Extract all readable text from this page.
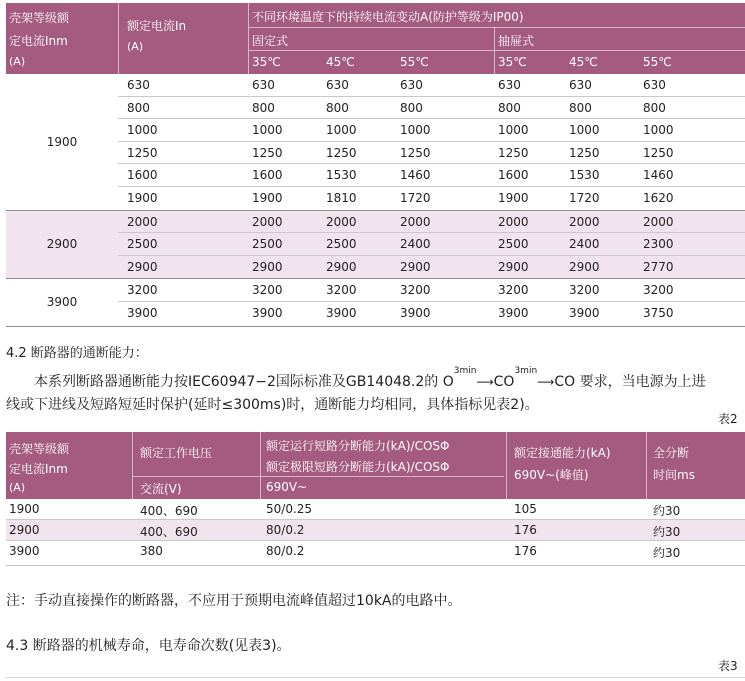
壳架等级额
定电流Inm
(A)
额定电流In
(A)
不同环境温度下的持续电流变动A(防护等级为IP00)
固定式	抽屉式
35℃	45℃	55℃	35℃	45℃	55℃
1900
630	630	630	630	630	630	630
800	800	800	800	800	800	800
1000	1000	1000	1000	1000	1000	1000
1250	1250	1250	1250	1250	1250	1250
1600	1600	1530	1460	1600	1530	1460
1900	1900	1810	1720	1900	1720	1620
2900
2000	2000	2000	2000	2000	2000	2000
2500	2500	2500	2400	2500	2400	2300
2900	2900	2900	2900	2900	2900	2770
3900
3200	3200	3200	3200	3200	3200	3200
3900	3900	3900	3900	3900	3900	3750
4.2 断路器的通断能力：
本系列断路器通断能力按IEC60947−2国际标准及GB14048.2的 $O^{3min}⟶CO^{3min}⟶CO$ 要求，当电源为上进
线或下进线及短路短延时保护(延时≤300ms)时，通断能力均相同，具体指标见表2)。
表2
壳架等级额
定电流Inm
(A)
额定工作电压
交流(V)
额定运行短路分断能力(kA)/COSΦ
额定极限短路分断能力(kA)/COSΦ
690V~
额定接通能力(kA)
690V~(峰值)
全分断
时间ms
1900	400、690	50/0.25	105	约30
2900	400、690	80/0.2	176	约30
3900	380	80/0.2	176	约30
注：手动直接操作的断路器，不应用于预期电流峰值超过10kA的电路中。
4.3 断路器的机械寿命，电寿命次数(见表3)。
表3
